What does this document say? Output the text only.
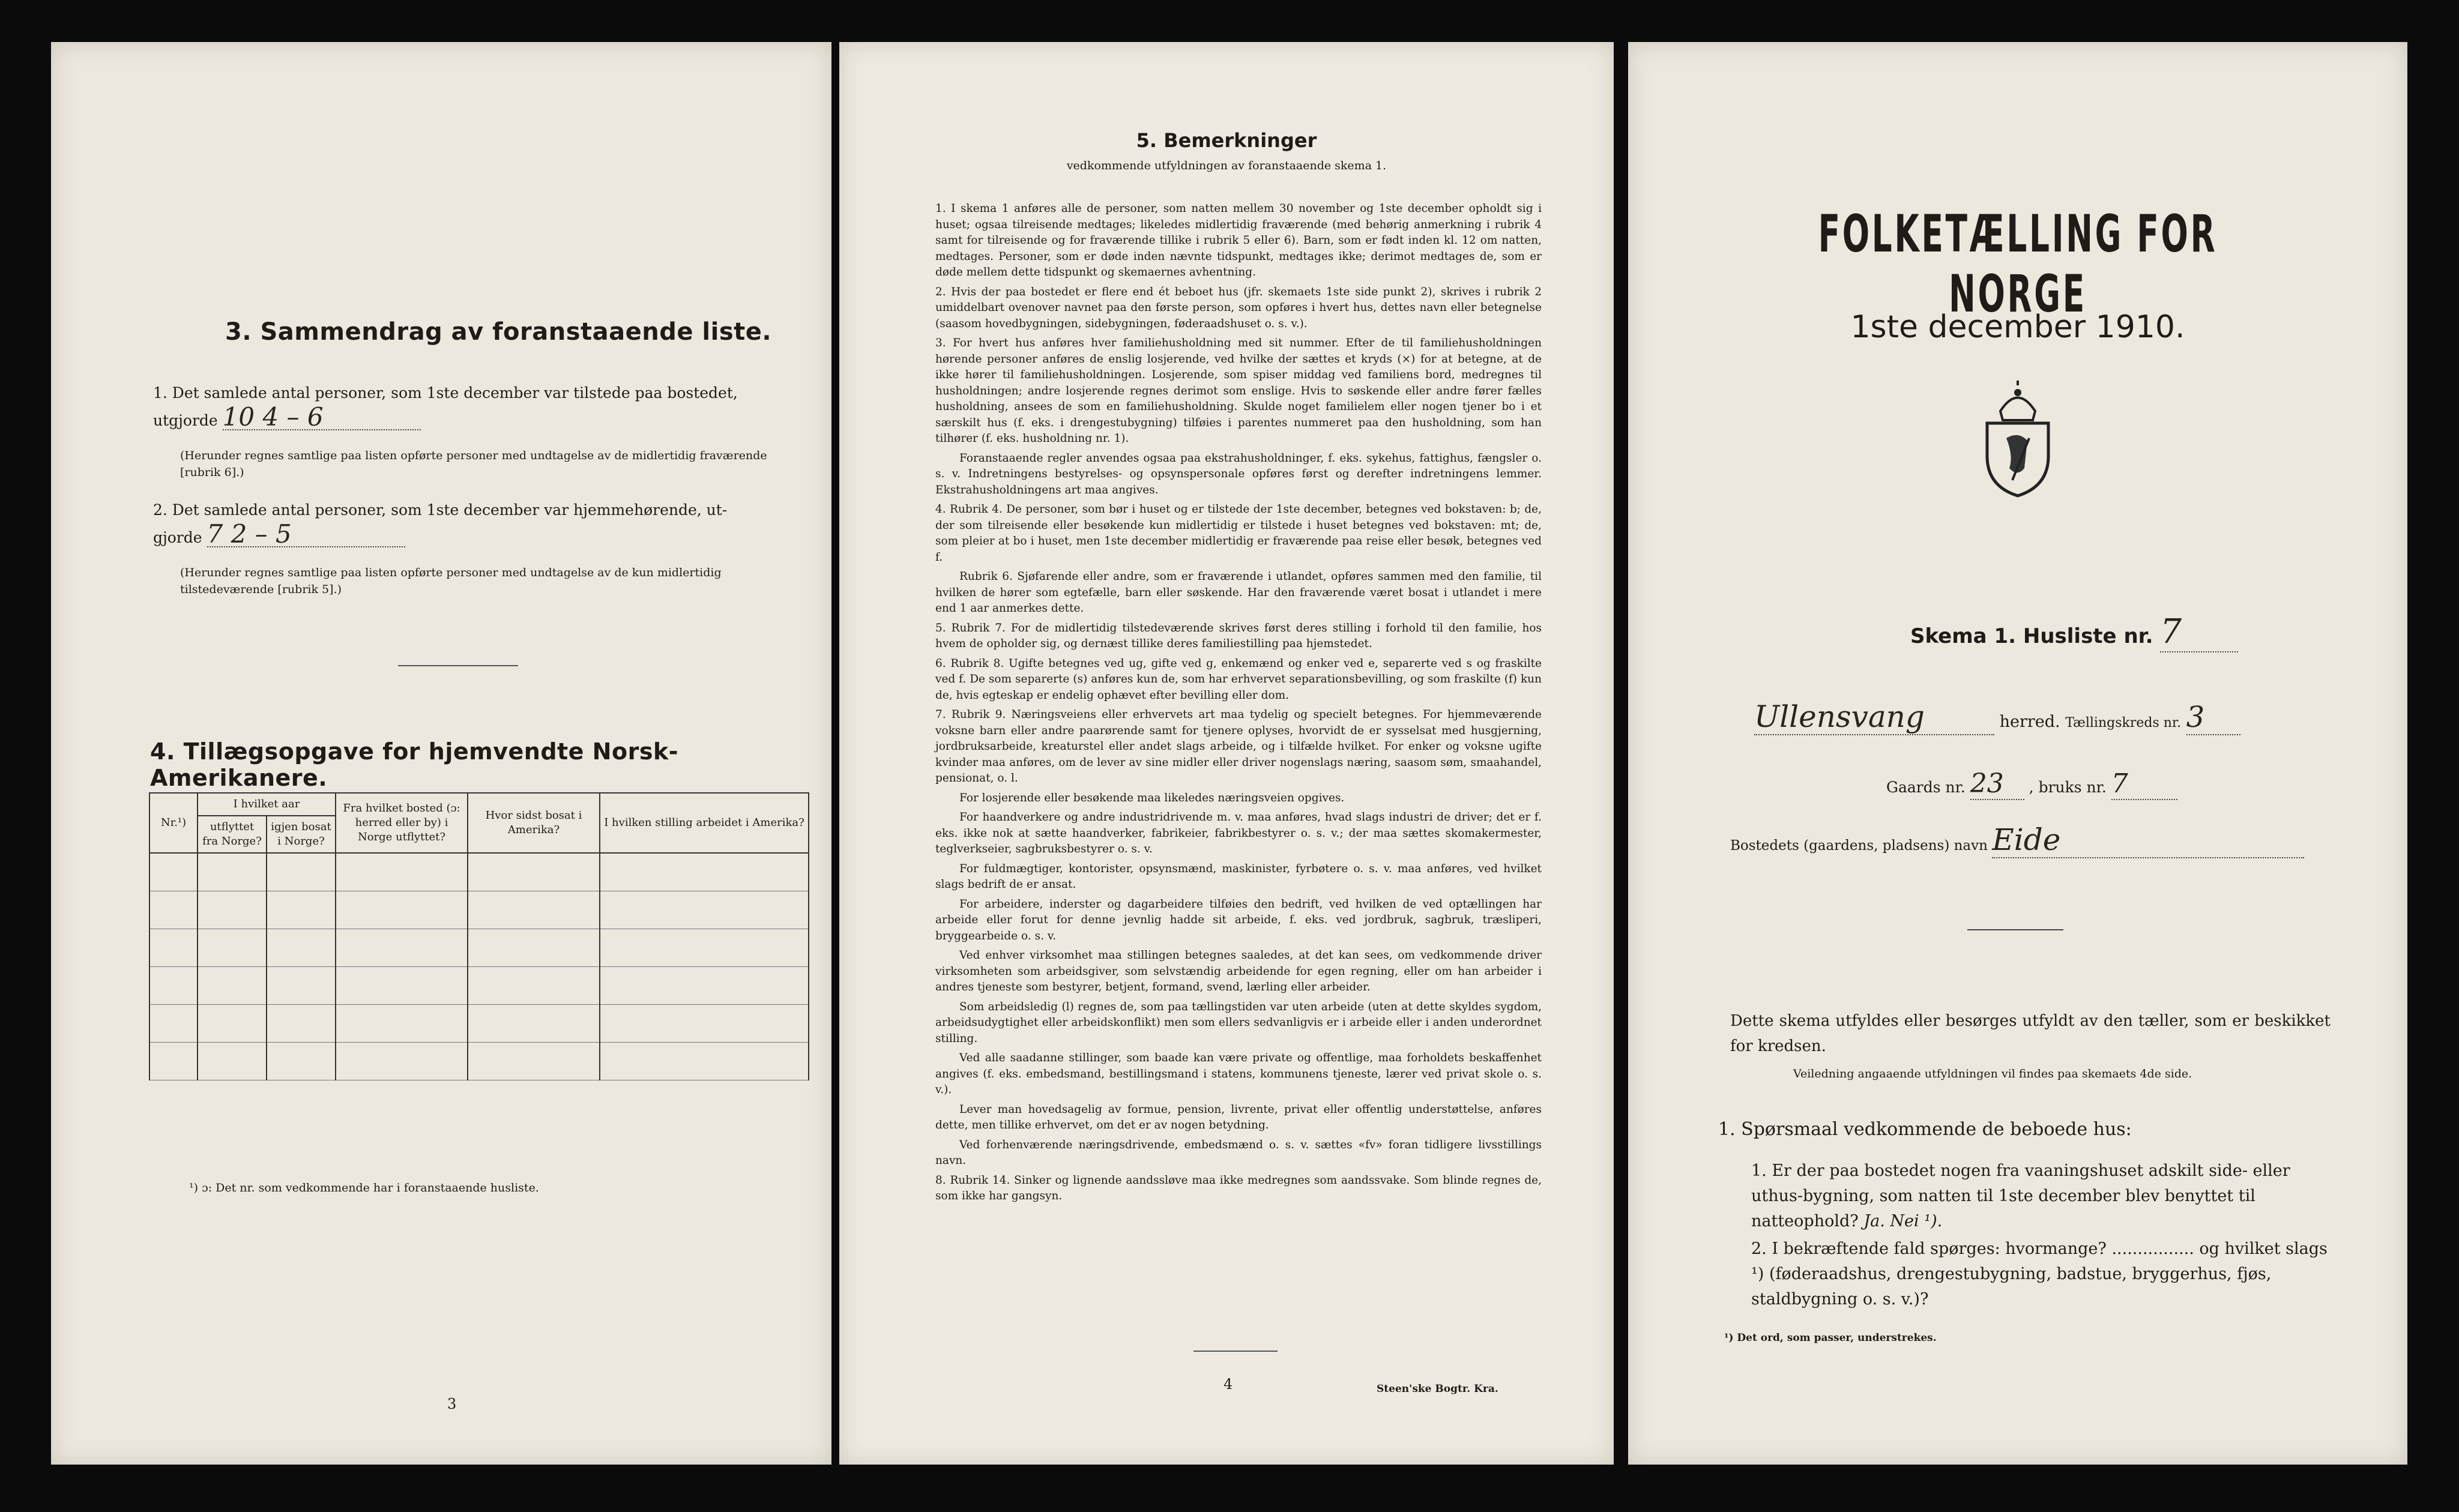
3. Sammendrag av foranstaaende liste.
1. Det samlede antal personer, som 1ste december var tilstede paa bostedet,
utgjorde 10 4 – 6
(Herunder regnes samtlige paa listen opførte personer med undtagelse av de midlertidig fraværende [rubrik 6].)
2. Det samlede antal personer, som 1ste december var hjemmehørende, ut-
gjorde 7 2 – 5
(Herunder regnes samtlige paa listen opførte personer med undtagelse av de kun midlertidig tilstedeværende [rubrik 5].)
4. Tillægsopgave for hjemvendte Norsk-Amerikanere.
Nr.¹)	I hvilket aar		Fra hvilket bosted (ɔ: herred eller by) i Norge utflyttet?	Hvor sidst bosat i Amerika?	I hvilken stilling arbeidet i Amerika?
	utflyttet fra Norge?	igjen bosat i Norge?			

¹) ɔ: Det nr. som vedkommende har i foranstaaende husliste.
3
5. Bemerkninger
vedkommende utfyldningen av foranstaaende skema 1.
1. I skema 1 anføres alle de personer, som natten mellem 30 november og 1ste december opholdt sig i huset; ogsaa tilreisende medtages; likeledes midlertidig fraværende (med behørig anmerkning i rubrik 4 samt for tilreisende og for fraværende tillike i rubrik 5 eller 6). Barn, som er født inden kl. 12 om natten, medtages. Personer, som er døde inden nævnte tidspunkt, medtages ikke; derimot medtages de, som er døde mellem dette tidspunkt og skemaernes avhentning.
2. Hvis der paa bostedet er flere end ét beboet hus (jfr. skemaets 1ste side punkt 2), skrives i rubrik 2 umiddelbart ovenover navnet paa den første person, som opføres i hvert hus, dettes navn eller betegnelse (saasom hovedbygningen, sidebygningen, føderaadshuset o. s. v.).
3. For hvert hus anføres hver familiehusholdning med sit nummer. Efter de til familiehusholdningen hørende personer anføres de enslig losjerende, ved hvilke der sættes et kryds (×) for at betegne, at de ikke hører til familiehusholdningen. Losjerende, som spiser middag ved familiens bord, medregnes til husholdningen; andre losjerende regnes derimot som enslige. Hvis to søskende eller andre fører fælles husholdning, ansees de som en familiehusholdning. Skulde noget familielem eller nogen tjener bo i et særskilt hus (f. eks. i drengestubygning) tilføies i parentes nummeret paa den husholdning, som han tilhører (f. eks. husholdning nr. 1).
Foranstaaende regler anvendes ogsaa paa ekstrahusholdninger, f. eks. sykehus, fattighus, fængsler o. s. v. Indretningens bestyrelses- og opsynspersonale opføres først og derefter indretningens lemmer. Ekstrahusholdningens art maa angives.
4. Rubrik 4. De personer, som bør i huset og er tilstede der 1ste december, betegnes ved bokstaven: b; de, der som tilreisende eller besøkende kun midlertidig er tilstede i huset betegnes ved bokstaven: mt; de, som pleier at bo i huset, men 1ste december midlertidig er fraværende paa reise eller besøk, betegnes ved f.
Rubrik 6. Sjøfarende eller andre, som er fraværende i utlandet, opføres sammen med den familie, til hvilken de hører som egtefælle, barn eller søskende. Har den fraværende været bosat i utlandet i mere end 1 aar anmerkes dette.
5. Rubrik 7. For de midlertidig tilstedeværende skrives først deres stilling i forhold til den familie, hos hvem de opholder sig, og dernæst tillike deres familiestilling paa hjemstedet.
6. Rubrik 8. Ugifte betegnes ved ug, gifte ved g, enkemænd og enker ved e, separerte ved s og fraskilte ved f. De som separerte (s) anføres kun de, som har erhvervet separationsbevilling, og som fraskilte (f) kun de, hvis egteskap er endelig ophævet efter bevilling eller dom.
7. Rubrik 9. Næringsveiens eller erhvervets art maa tydelig og specielt betegnes. For hjemmeværende voksne barn eller andre paarørende samt for tjenere oplyses, hvorvidt de er sysselsat med husgjerning, jordbruksarbeide, kreaturstel eller andet slags arbeide, og i tilfælde hvilket. For enker og voksne ugifte kvinder maa anføres, om de lever av sine midler eller driver nogenslags næring, saasom søm, smaahandel, pensionat, o. l.
For losjerende eller besøkende maa likeledes næringsveien opgives.
For haandverkere og andre industridrivende m. v. maa anføres, hvad slags industri de driver; det er f. eks. ikke nok at sætte haandverker, fabrikeier, fabrikbestyrer o. s. v.; der maa sættes skomakermester, teglverkseier, sagbruksbestyrer o. s. v.
For fuldmægtiger, kontorister, opsynsmænd, maskinister, fyrbøtere o. s. v. maa anføres, ved hvilket slags bedrift de er ansat.
For arbeidere, inderster og dagarbeidere tilføies den bedrift, ved hvilken de ved optællingen har arbeide eller forut for denne jevnlig hadde sit arbeide, f. eks. ved jordbruk, sagbruk, træsliperi, bryggearbeide o. s. v.
Ved enhver virksomhet maa stillingen betegnes saaledes, at det kan sees, om vedkommende driver virksomheten som arbeidsgiver, som selvstændig arbeidende for egen regning, eller om han arbeider i andres tjeneste som bestyrer, betjent, formand, svend, lærling eller arbeider.
Som arbeidsledig (l) regnes de, som paa tællingstiden var uten arbeide (uten at dette skyldes sygdom, arbeidsudygtighet eller arbeidskonflikt) men som ellers sedvanligvis er i arbeide eller i anden underordnet stilling.
Ved alle saadanne stillinger, som baade kan være private og offentlige, maa forholdets beskaffenhet angives (f. eks. embedsmand, bestillingsmand i statens, kommunens tjeneste, lærer ved privat skole o. s. v.).
Lever man hovedsagelig av formue, pension, livrente, privat eller offentlig understøttelse, anføres dette, men tillike erhvervet, om det er av nogen betydning.
Ved forhenværende næringsdrivende, embedsmænd o. s. v. sættes «fv» foran tidligere livsstillings navn.
8. Rubrik 14. Sinker og lignende aandssløve maa ikke medregnes som aandssvake. Som blinde regnes de, som ikke har gangsyn.
4	Steen'ske Bogtr. Kra.
FOLKETÆLLING FOR NORGE
1ste december 1910.
Skema 1. Husliste nr. 7
Ullensvang	herred. Tællingskreds nr. 3
Gaards nr. 23 , bruks nr. 7
Bostedets (gaardens, pladsens) navn Eide
Dette skema utfyldes eller besørges utfyldt av den tæller, som er beskikket for kredsen.
Veiledning angaaende utfyldningen vil findes paa skemaets 4de side.
1. Spørsmaal vedkommende de beboede hus:
1. Er der paa bostedet nogen fra vaaningshuset adskilt side- eller uthus-bygning, som natten til 1ste december blev benyttet til natteophold? Ja. Nei ¹).
2. I bekræftende fald spørges: hvormange? ................ og hvilket slags ¹) (føderaadshus, drengestubygning, badstue, bryggerhus, fjøs, staldbygning o. s. v.)?
¹) Det ord, som passer, understrekes.
